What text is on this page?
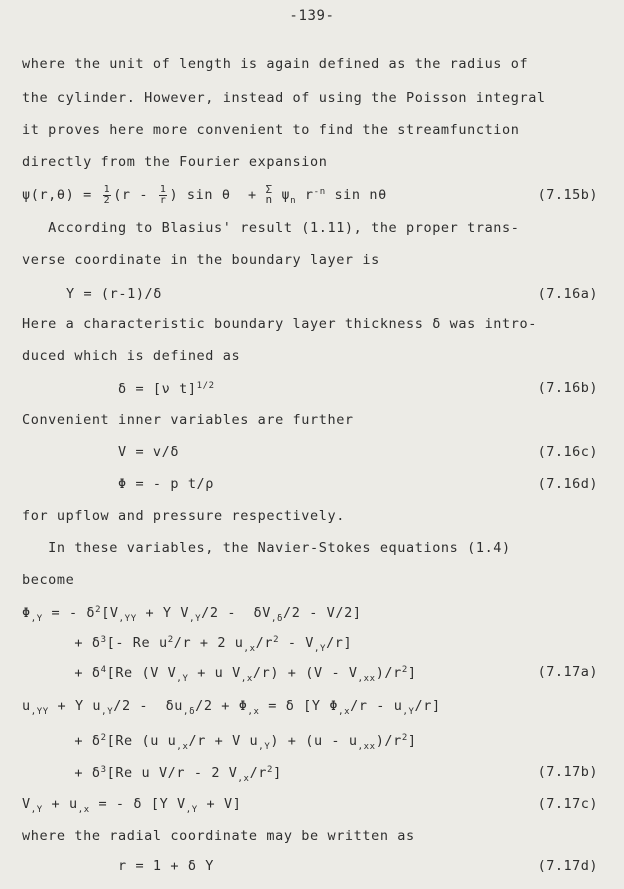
-139-
where the unit of length is again defined as the radius of
the cylinder. However, instead of using the Poisson integral
it proves here more convenient to find the streamfunction
directly from the Fourier expansion
$\psi(r,\theta) = \frac{1}{2} (r - \frac{1}{r}$ ) sin θ  + Σ
n $\psi_n$ $r^{-n}$ sin nθ	(7.15b)
According to Blasius' result (1.11), the proper trans-
verse coordinate in the boundary layer is
Y = (r-1)/δ	(7.16a)
Here a characteristic boundary layer thickness δ was intro-
duced which is defined as
δ = [ν t]$^{1/2}$	(7.16b)
Convenient inner variables are further
V = v/δ	(7.16c)
Φ = - p t/ρ	(7.16d)
for upflow and pressure respectively.
In these variables, the Navier-Stokes equations (1.4)
become
$\Phi_{,Y}$ = - $\delta^2[V_{,YY} + Y$ $V_{,Y}/2 - \delta V_{,\delta}/2 - V/2$]
+ $\delta^3[-$ Re $u^2/r + 2$ $u_{,x}/r^2 - V_{,Y}/r$]
+ $\delta^4[Re$ (V $V_{,Y} + u$ $V_{,x}/r) + (V - V_{,xx})/r^2$]	(7.17a)
$u_{,YY} + Y$ $u_{,Y}/2 - \delta u_{,\delta}/2 + \Phi_{,x} = \delta$ [Y $\Phi_{,x}/r - u_{,Y}/r$]
+ $\delta^2[Re$ (u $u_{,x}/r + V$ $u_{,Y}) + (u - u_{,xx})/r^2$]
+ $\delta^3[Re$ u V/r - 2 $V_{,x}/r^2$]	(7.17b)
$V_{,Y} + u_{,x}$ = - δ [Y $V_{,Y} + V$]	(7.17c)
where the radial coordinate may be written as
r = 1 + δ Y	(7.17d)
